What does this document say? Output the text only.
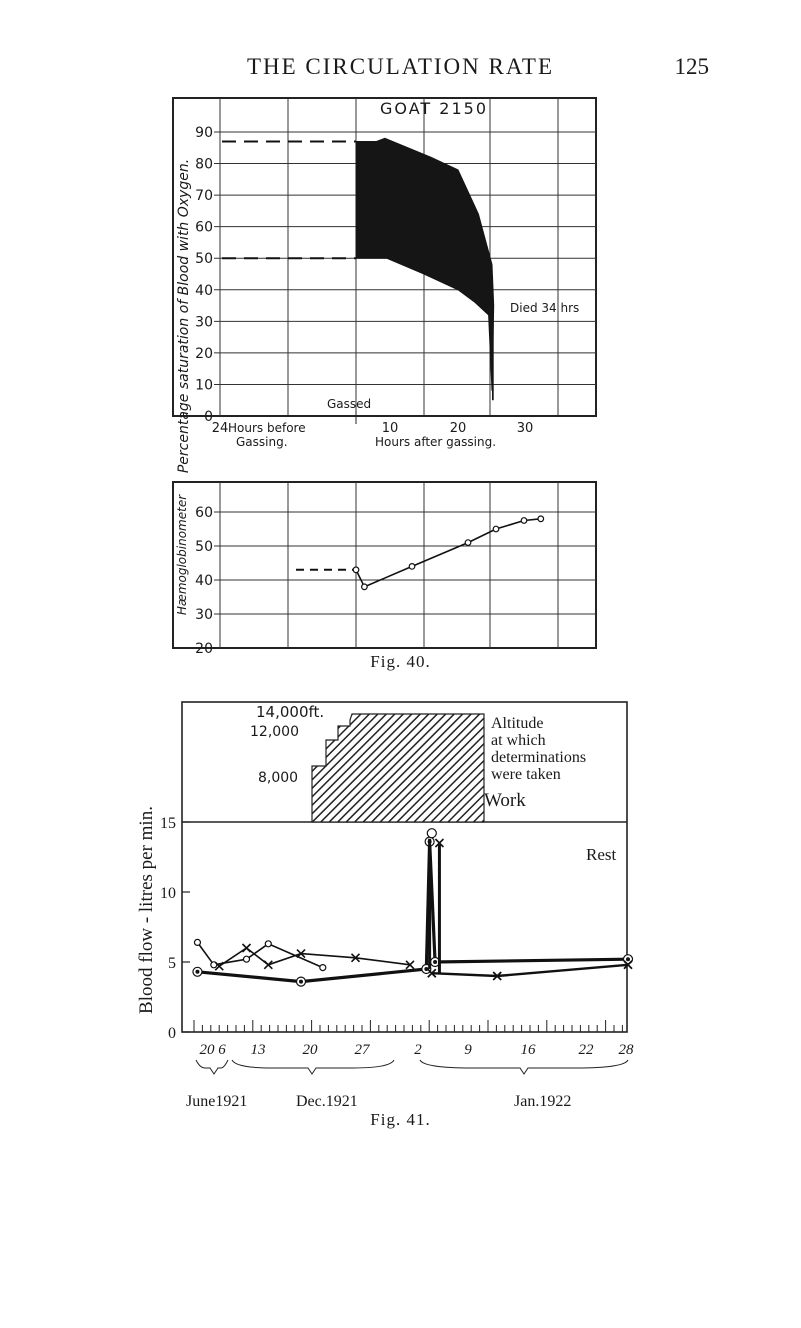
THE CIRCULATION RATE	125
GOAT 2150
Percentage saturation of Blood with Oxygen.	Hours before
Gassing.	Hours after gassing.
Gassed
Died 34 hrs
Hæmoglobinometer
90
80
70
60
50
40
30
20
10
0
24	10	20	30
60
50
40
30
20
Fig. 40.
15
10
5
0
20 6 13 20 27	2	9	16	22 28
Blood flow - litres per min.
Work
Rest
14,000ft.
12,000
8,000
Altitude
at which
determinations
were taken
June1921	Dec.1921	Jan.1922
Fig. 41.
